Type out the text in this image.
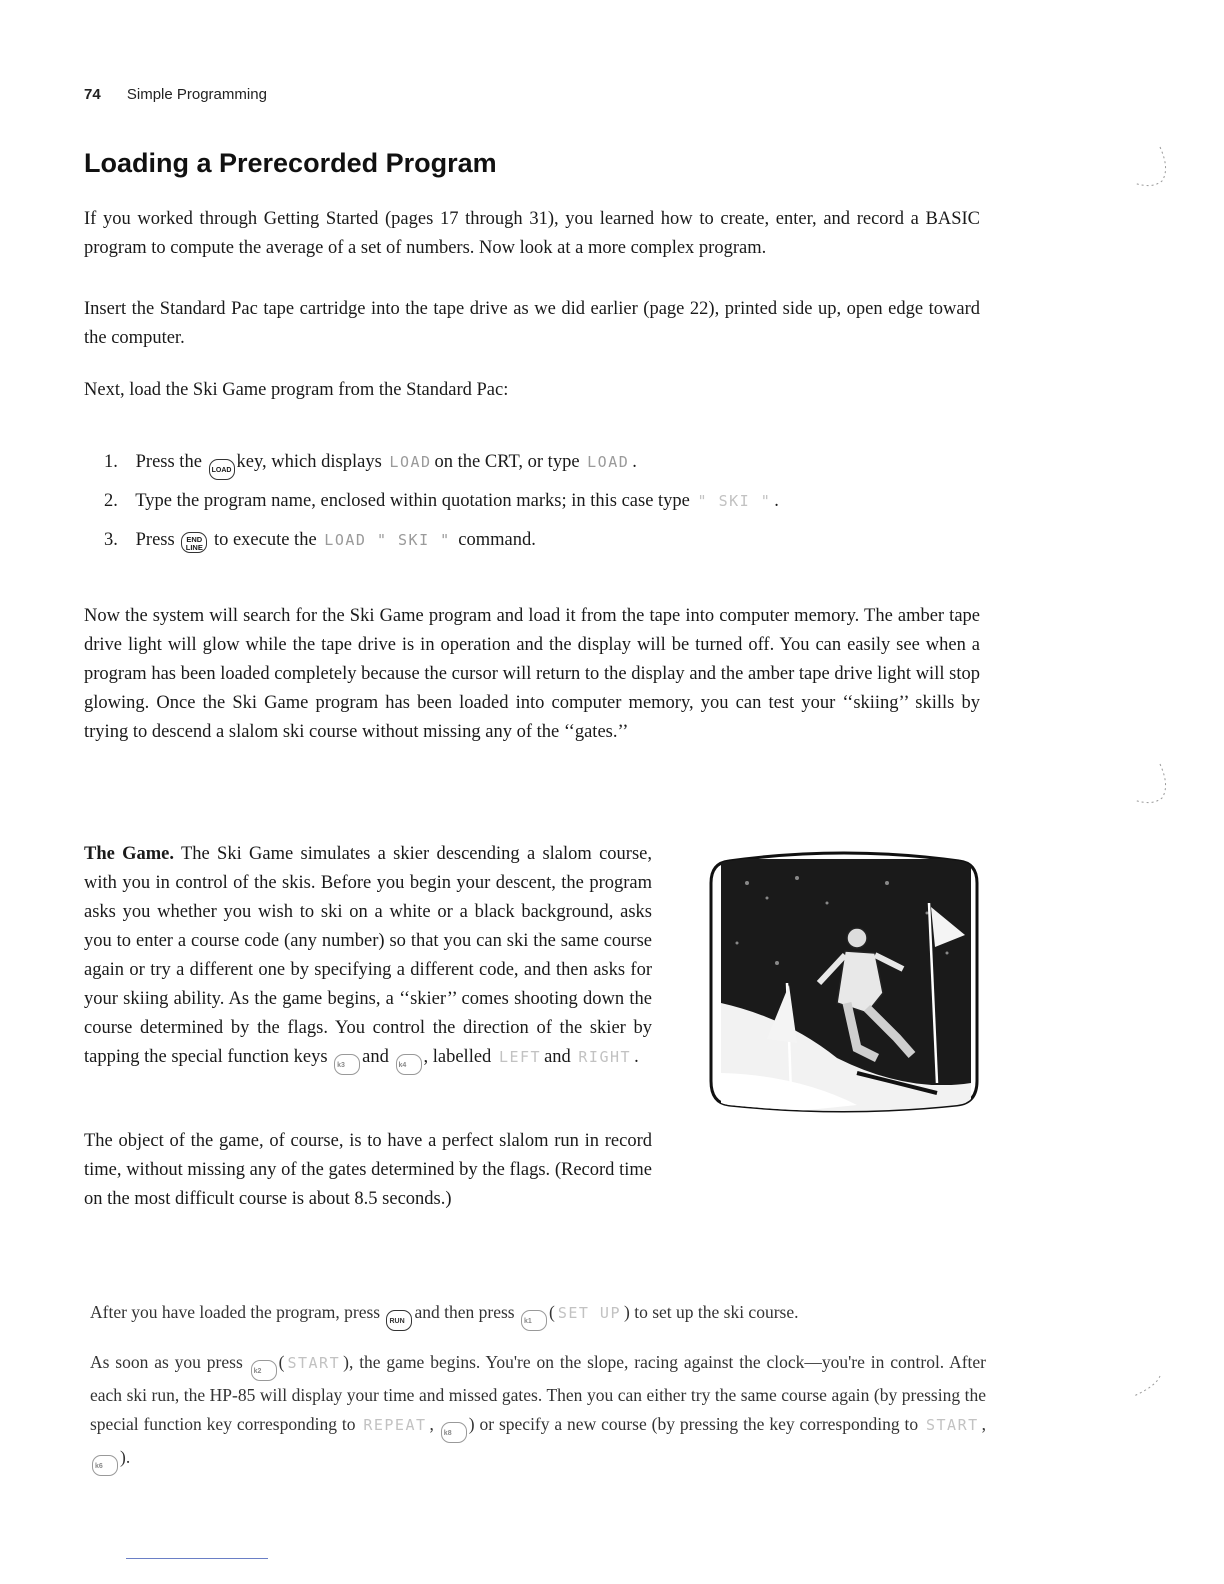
74 Simple Programming
Loading a Prerecorded Program
If you worked through Getting Started (pages 17 through 31), you learned how to create, enter, and record a BASIC program to compute the average of a set of numbers. Now look at a more complex program.
Insert the Standard Pac tape cartridge into the tape drive as we did earlier (page 22), printed side up, open edge toward the computer.
Next, load the Ski Game program from the Standard Pac:
1. Press the LOAD key, which displays LOAD on the CRT, or type LOAD .
2. Type the program name, enclosed within quotation marks; in this case type " SKI " .
3. Press END
LINE to execute the LOAD " SKI " command.
Now the system will search for the Ski Game program and load it from the tape into computer memory. The amber tape drive light will glow while the tape drive is in operation and the display will be turned off. You can easily see when a program has been loaded completely because the cursor will return to the display and the amber tape drive light will stop glowing. Once the Ski Game program has been loaded into computer memory, you can test your ‘‘skiing’’ skills by trying to descend a slalom ski course without missing any of the ‘‘gates.’’
The Game. The Ski Game simulates a skier descending a slalom course, with you in control of the skis. Before you begin your descent, the program asks you whether you wish to ski on a white or a black background, asks you to enter a course code (any number) so that you can ski the same course again or try a different one by specifying a different code, and then asks for your skiing ability. As the game begins, a ‘‘skier’’ comes shooting down the course determined by the flags. You control the direction of the skier by tapping the special function keys k3 and k4 , labelled LEFT and RIGHT .
The object of the game, of course, is to have a perfect slalom run in record time, without missing any of the gates determined by the flags. (Record time on the most difficult course is about 8.5 seconds.)
After you have loaded the program, press RUN and then press k1 ( SET UP ) to set up the ski course.
As soon as you press k2 ( START ), the game begins. You're on the slope, racing against the clock—you're in control. After each ski run, the HP-85 will display your time and missed gates. Then you can either try the same course again (by pressing the special function key corresponding to REPEAT , k8 ) or specify a new course (by pressing the key corresponding to START , k6 ).
